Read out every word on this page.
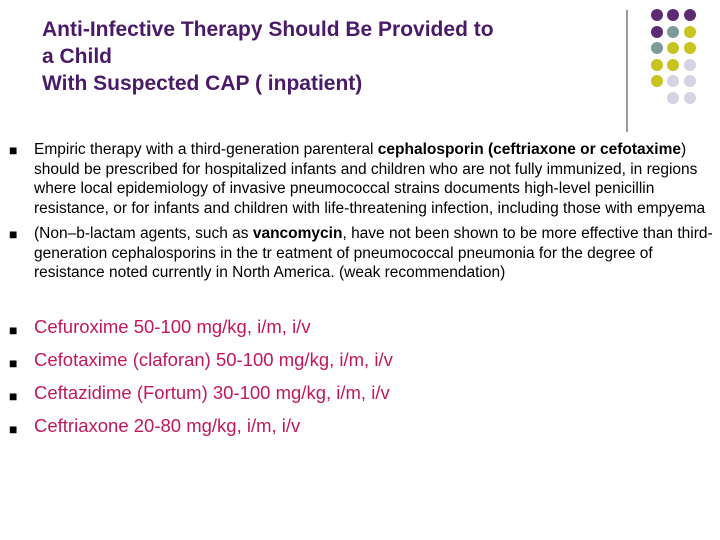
Anti-Infective Therapy Should Be Provided to
a Child
With Suspected CAP ( inpatient)
■ Empiric therapy with a third-generation parenteral cephalosporin (ceftriaxone or cefotaxime) should be prescribed for hospitalized infants and children who are not fully immunized, in regions where local epidemiology of invasive pneumococcal strains documents high-level penicillin resistance, or for infants and children with life-threatening infection, including those with empyema
■ (Non–b-lactam agents, such as vancomycin, have not been shown to be more effective than third-generation cephalosporins in the tr eatment of pneumococcal pneumonia for the degree of resistance noted currently in North America. (weak recommendation)
■ Cefuroxime 50-100 mg/kg, i/m, i/v
■ Cefotaxime (claforan) 50-100 mg/kg, i/m, i/v
■ Ceftazidime (Fortum) 30-100 mg/kg, i/m, i/v
■ Ceftriaxone 20-80 mg/kg, i/m, i/v
